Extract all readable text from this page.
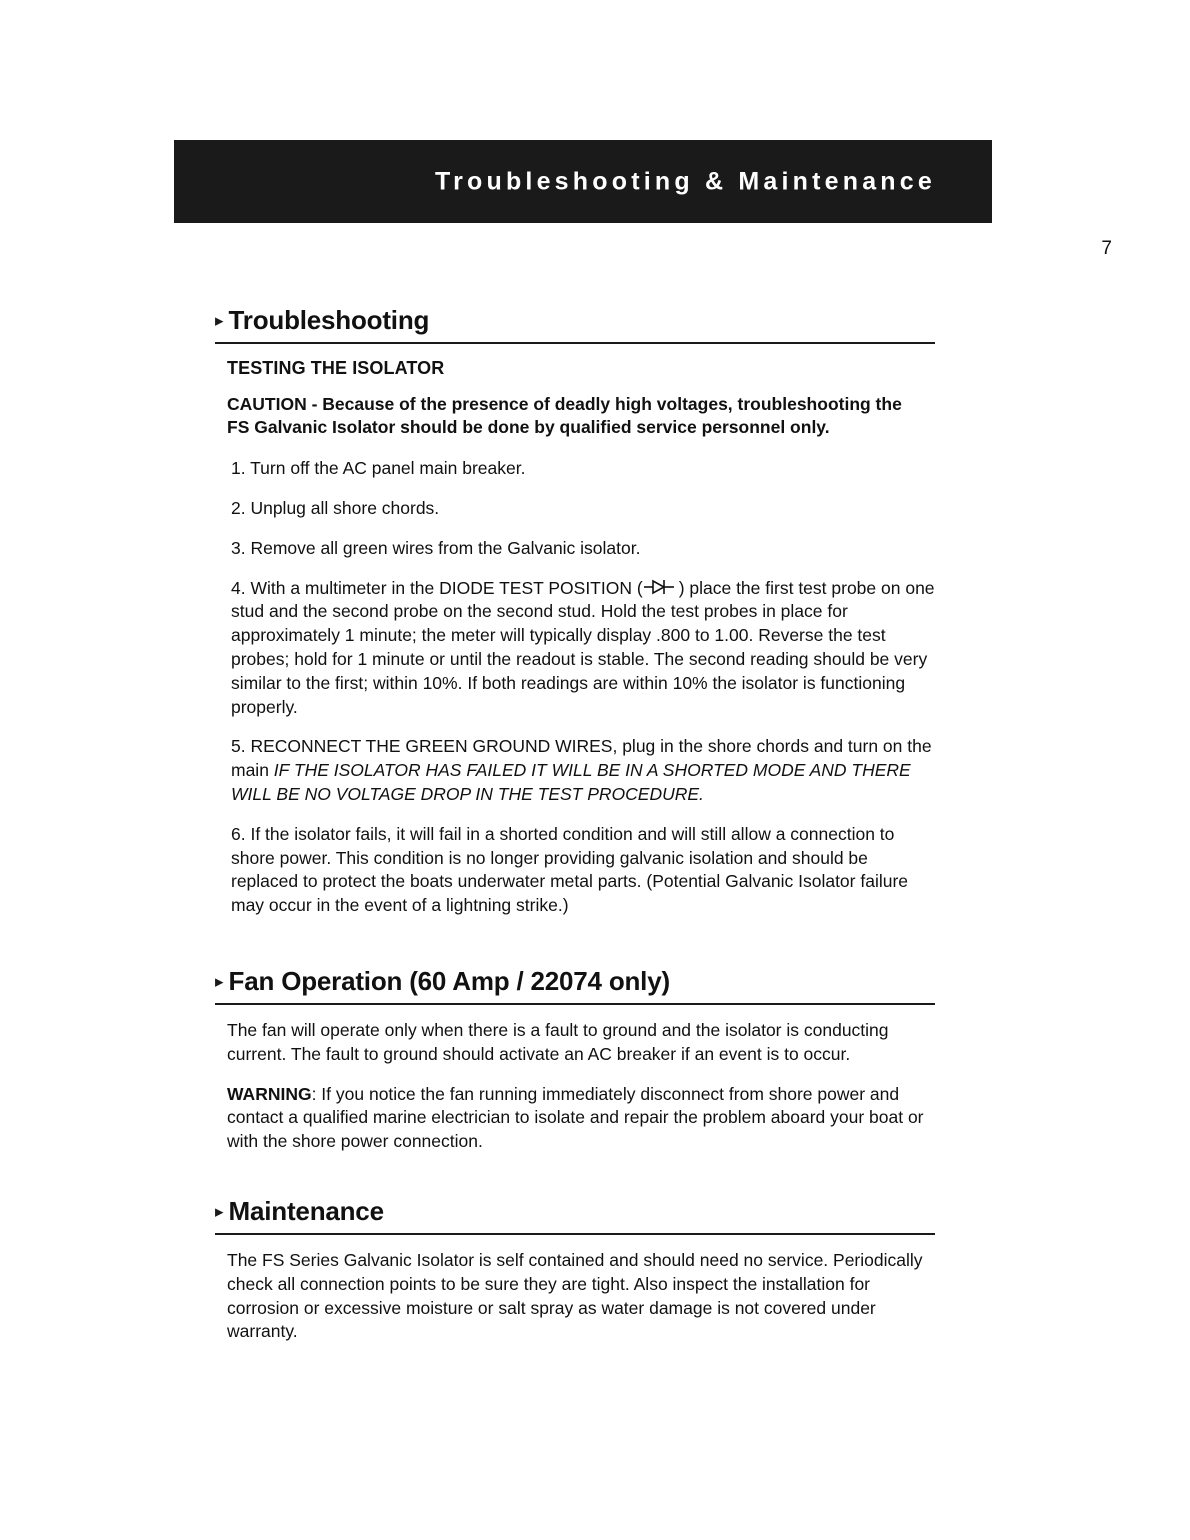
Troubleshooting & Maintenance
7
▸ Troubleshooting
TESTING THE ISOLATOR
CAUTION - Because of the presence of deadly high voltages, troubleshooting the FS Galvanic Isolator should be done by qualified service personnel only.
1. Turn off the AC panel main breaker.
2. Unplug all shore chords.
3. Remove all green wires from the Galvanic isolator.
4. With a multimeter in the DIODE TEST POSITION ( ) place the first test probe on one stud and the second probe on the second stud. Hold the test probes in place for approximately 1 minute; the meter will typically display .800 to 1.00. Reverse the test probes; hold for 1 minute or until the readout is stable. The second reading should be very similar to the first; within 10%. If both readings are within 10% the isolator is functioning properly.
5. RECONNECT THE GREEN GROUND WIRES, plug in the shore chords and turn on the main IF THE ISOLATOR HAS FAILED IT WILL BE IN A SHORTED MODE AND THERE WILL BE NO VOLTAGE DROP IN THE TEST PROCEDURE.
6. If the isolator fails, it will fail in a shorted condition and will still allow a connection to shore power. This condition is no longer providing galvanic isolation and should be replaced to protect the boats underwater metal parts. (Potential Galvanic Isolator failure may occur in the event of a lightning strike.)
▸ Fan Operation (60 Amp / 22074 only)
The fan will operate only when there is a fault to ground and the isolator is conducting current. The fault to ground should activate an AC breaker if an event is to occur.
WARNING: If you notice the fan running immediately disconnect from shore power and contact a qualified marine electrician to isolate and repair the problem aboard your boat or with the shore power connection.
▸ Maintenance
The FS Series Galvanic Isolator is self contained and should need no service. Periodically check all connection points to be sure they are tight. Also inspect the installation for corrosion or excessive moisture or salt spray as water damage is not covered under warranty.
